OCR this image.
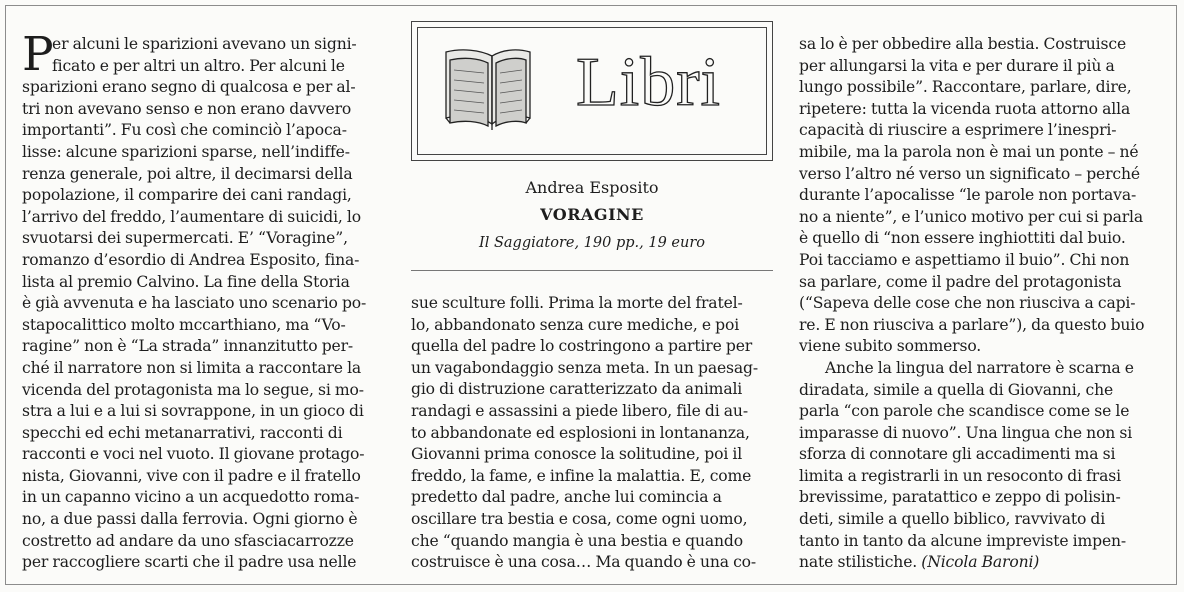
P
er alcuni le sparizioni avevano un signi-
ficato e per altri un altro. Per alcuni le
sparizioni erano segno di qualcosa e per al-
tri non avevano senso e non erano davvero
importanti”. Fu così che cominciò l’apoca-
lisse: alcune sparizioni sparse, nell’indiffe-
renza generale, poi altre, il decimarsi della
popolazione, il comparire dei cani randagi,
l’arrivo del freddo, l’aumentare di suicidi, lo
svuotarsi dei supermercati. E’ “Voragine”,
romanzo d’esordio di Andrea Esposito, fina-
lista al premio Calvino. La fine della Storia
è già avvenuta e ha lasciato uno scenario po-
stapocalittico molto mccarthiano, ma “Vo-
ragine” non è “La strada” innanzitutto per-
ché il narratore non si limita a raccontare la
vicenda del protagonista ma lo segue, si mo-
stra a lui e a lui si sovrappone, in un gioco di
specchi ed echi metanarrativi, racconti di
racconti e voci nel vuoto. Il giovane protago-
nista, Giovanni, vive con il padre e il fratello
in un capanno vicino a un acquedotto roma-
no, a due passi dalla ferrovia. Ogni giorno è
costretto ad andare da uno sfasciacarrozze
per raccogliere scarti che il padre usa nelle
Libri
Andrea Esposito
VORAGINE
Il Saggiatore, 190 pp., 19 euro
sue sculture folli. Prima la morte del fratel-
lo, abbandonato senza cure mediche, e poi
quella del padre lo costringono a partire per
un vagabondaggio senza meta. In un paesag-
gio di distruzione caratterizzato da animali
randagi e assassini a piede libero, file di au-
to abbandonate ed esplosioni in lontananza,
Giovanni prima conosce la solitudine, poi il
freddo, la fame, e infine la malattia. E, come
predetto dal padre, anche lui comincia a
oscillare tra bestia e cosa, come ogni uomo,
che “quando mangia è una bestia e quando
costruisce è una cosa… Ma quando è una co-
sa lo è per obbedire alla bestia. Costruisce
per allungarsi la vita e per durare il più a
lungo possibile”. Raccontare, parlare, dire,
ripetere: tutta la vicenda ruota attorno alla
capacità di riuscire a esprimere l’inespri-
mibile, ma la parola non è mai un ponte – né
verso l’altro né verso un significato – perché
durante l’apocalisse “le parole non portava-
no a niente”, e l’unico motivo per cui si parla
è quello di “non essere inghiottiti dal buio.
Poi tacciamo e aspettiamo il buio”. Chi non
sa parlare, come il padre del protagonista
(“Sapeva delle cose che non riusciva a capi-
re. E non riusciva a parlare”), da questo buio
viene subito sommerso.
Anche la lingua del narratore è scarna e
diradata, simile a quella di Giovanni, che
parla “con parole che scandisce come se le
imparasse di nuovo”. Una lingua che non si
sforza di connotare gli accadimenti ma si
limita a registrarli in un resoconto di frasi
brevissime, paratattico e zeppo di polisin-
deti, simile a quello biblico, ravvivato di
tanto in tanto da alcune impreviste impen-
nate stilistiche. (Nicola Baroni)
